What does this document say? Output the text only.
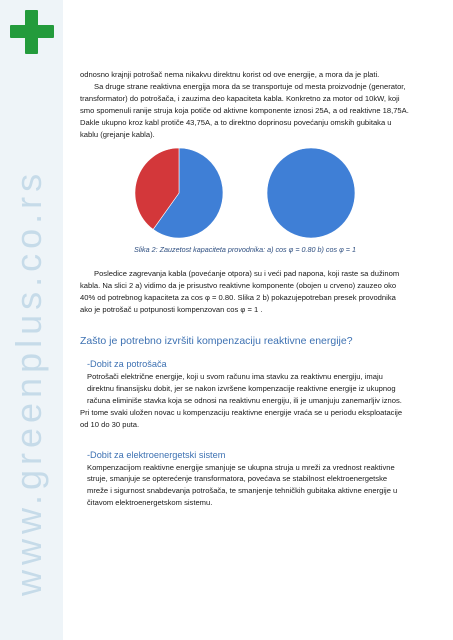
www.greenplus.co.rs

odnosno krajnji potrošač nema nikakvu direktnu korist od ove energije, a mora da je plati.

Sa druge strane reaktivna energija mora da se transportuje od mesta proizvodnje (generator, transformator) do potrošača, i zauzima deo kapaciteta kabla. Konkretno za motor od 10kW, koji smo spomenuli ranije struja koja potiče od aktivne komponente iznosi 25A, a od reaktivne 18,75A. Dakle ukupno kroz kabl protiče 43,75A, a to direktno doprinosu povećanju omskih gubitaka u kablu (grejanje kabla).

Slika 2: Zauzetost kapaciteta provodnika: a) cos φ = 0.80 b) cos φ = 1

Posledice zagrevanja kabla (povećanje otpora) su i veći pad napona, koji raste sa dužinom kabla. Na slici 2 a) vidimo da je prisustvo reaktivne komponente (obojen u crveno) zauzeo oko 40% od potrebnog kapaciteta za cos φ = 0.80. Slika 2 b) pokazujepotreban presek provodnika ako je potrošač u potpunosti kompenzovan cos φ = 1 .

Zašto je potrebno izvršiti kompenzaciju reaktivne energije?

-Dobit za potrošača

Potrošači električne energije, koji u svom računu ima stavku za reaktivnu energiju, imaju direktnu finansijsku dobit, jer se nakon izvršene kompenzacije reaktivne energije iz ukupnog računa eliminiše stavka koja se odnosi na reaktivnu energiju, ili je umanjuju zanemarljiv iznos.

Pri tome svaki uložen novac u kompenzaciju reaktivne energije vraća se u periodu eksploatacije od 10 do 30 puta.

-Dobit za elektroenergetski sistem

Kompenzacijom reaktivne energije smanjuje se ukupna struja u mreži za vrednost reaktivne struje, smanjuje se opterećenje transformatora, povećava se stabilnost elektroenergetske mreže i sigurnost snabdevanja potrošača, te smanjenje tehničkih gubitaka aktivne energije u čitavom elektroenergetskom sistemu.
